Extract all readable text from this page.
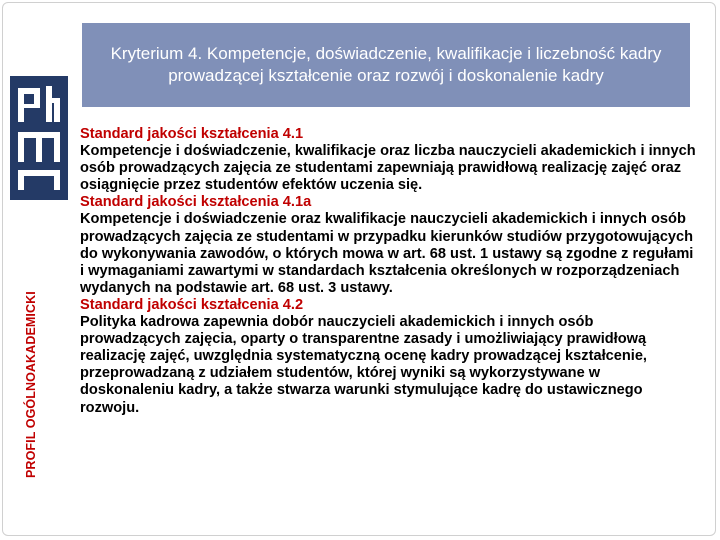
PROFIL OGÓLNOAKADEMICKI
Kryterium 4. Kompetencje, doświadczenie, kwalifikacje i liczebność kadry prowadzącej kształcenie oraz rozwój i doskonalenie kadry

Standard jakości kształcenia 4.1

Kompetencje i doświadczenie, kwalifikacje oraz liczba nauczycieli akademickich i innych osób prowadzących zajęcia ze studentami zapewniają prawidłową realizację zajęć oraz osiągnięcie przez studentów efektów uczenia się.

Standard jakości kształcenia 4.1a

Kompetencje i doświadczenie oraz kwalifikacje nauczycieli akademickich i innych osób prowadzących zajęcia ze studentami w przypadku kierunków studiów przygotowujących do wykonywania zawodów, o których mowa w art. 68 ust. 1 ustawy są zgodne z regułami i wymaganiami zawartymi w standardach kształcenia określonych w rozporządzeniach wydanych na podstawie art. 68 ust. 3 ustawy.

Standard jakości kształcenia 4.2

Polityka kadrowa zapewnia dobór nauczycieli akademickich i innych osób prowadzących zajęcia, oparty o transparentne zasady i umożliwiający prawidłową realizację zajęć, uwzględnia systematyczną ocenę kadry prowadzącej kształcenie, przeprowadzaną z udziałem studentów, której wyniki są wykorzystywane w doskonaleniu kadry, a także stwarza warunki stymulujące kadrę do ustawicznego rozwoju.
